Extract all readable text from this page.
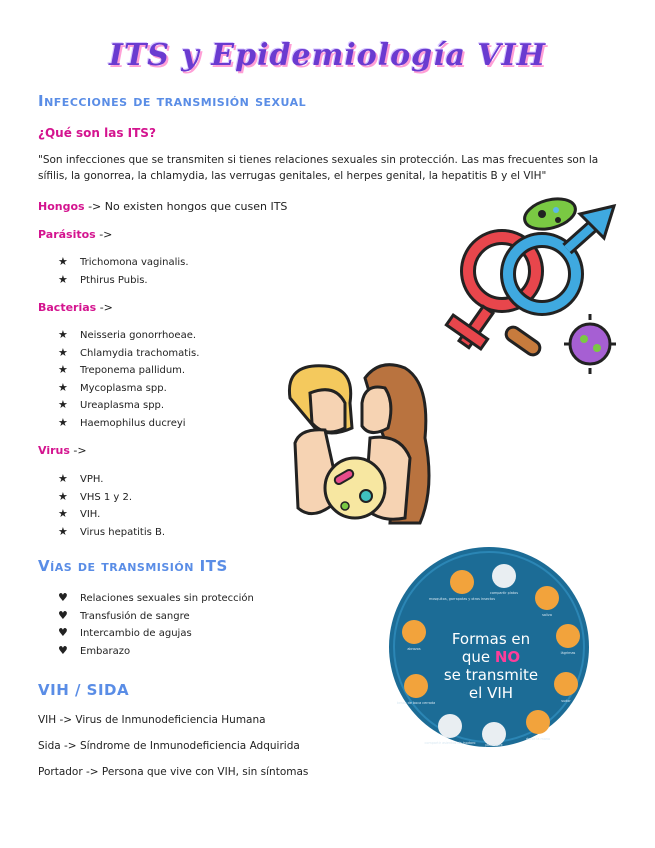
ITS y Epidemiología VIH
Infecciones de transmisión sexual
¿Qué son las ITS?
"Son infecciones que se transmiten si tienes relaciones sexuales sin protección. Las mas frecuentes son la sífilis, la gonorrea, la chlamydia, las verrugas genitales, el herpes genital, la hepatitis B y el VIH"
Hongos -> No existen hongos que cusen ITS
Parásitos ->
★ Trichomona vaginalis.
★ Pthirus Pubis.
Bacterias ->
★ Neisseria gonorrhoeae.
★ Chlamydia trachomatis.
★ Treponema pallidum.
★ Mycoplasma spp.
★ Ureaplasma spp.
★ Haemophilus ducreyi
Virus ->
★ VPH.
★ VHS 1 y 2.
★ VIH.
★ Virus hepatitis B.
Vías de transmisión ITS
♥ Relaciones sexuales sin protección
♥ Transfusión de sangre
♥ Intercambio de agujas
♥ Embarazo
VIH / SIDA
VIH -> Virus de Inmunodeficiencia Humana
Sida -> Síndrome de Inmunodeficiencia Adquirida
Portador -> Persona que vive con VIH, sin síntomas
mosquitos, garrapatas y otros insectos
compartir platos
saliva
lágrimas
sudor
darse la mano
por el aire
compartir asientos de inodoro
besos de boca cerrada
abrazos
Formas en
que NO
se transmite
el VIH
